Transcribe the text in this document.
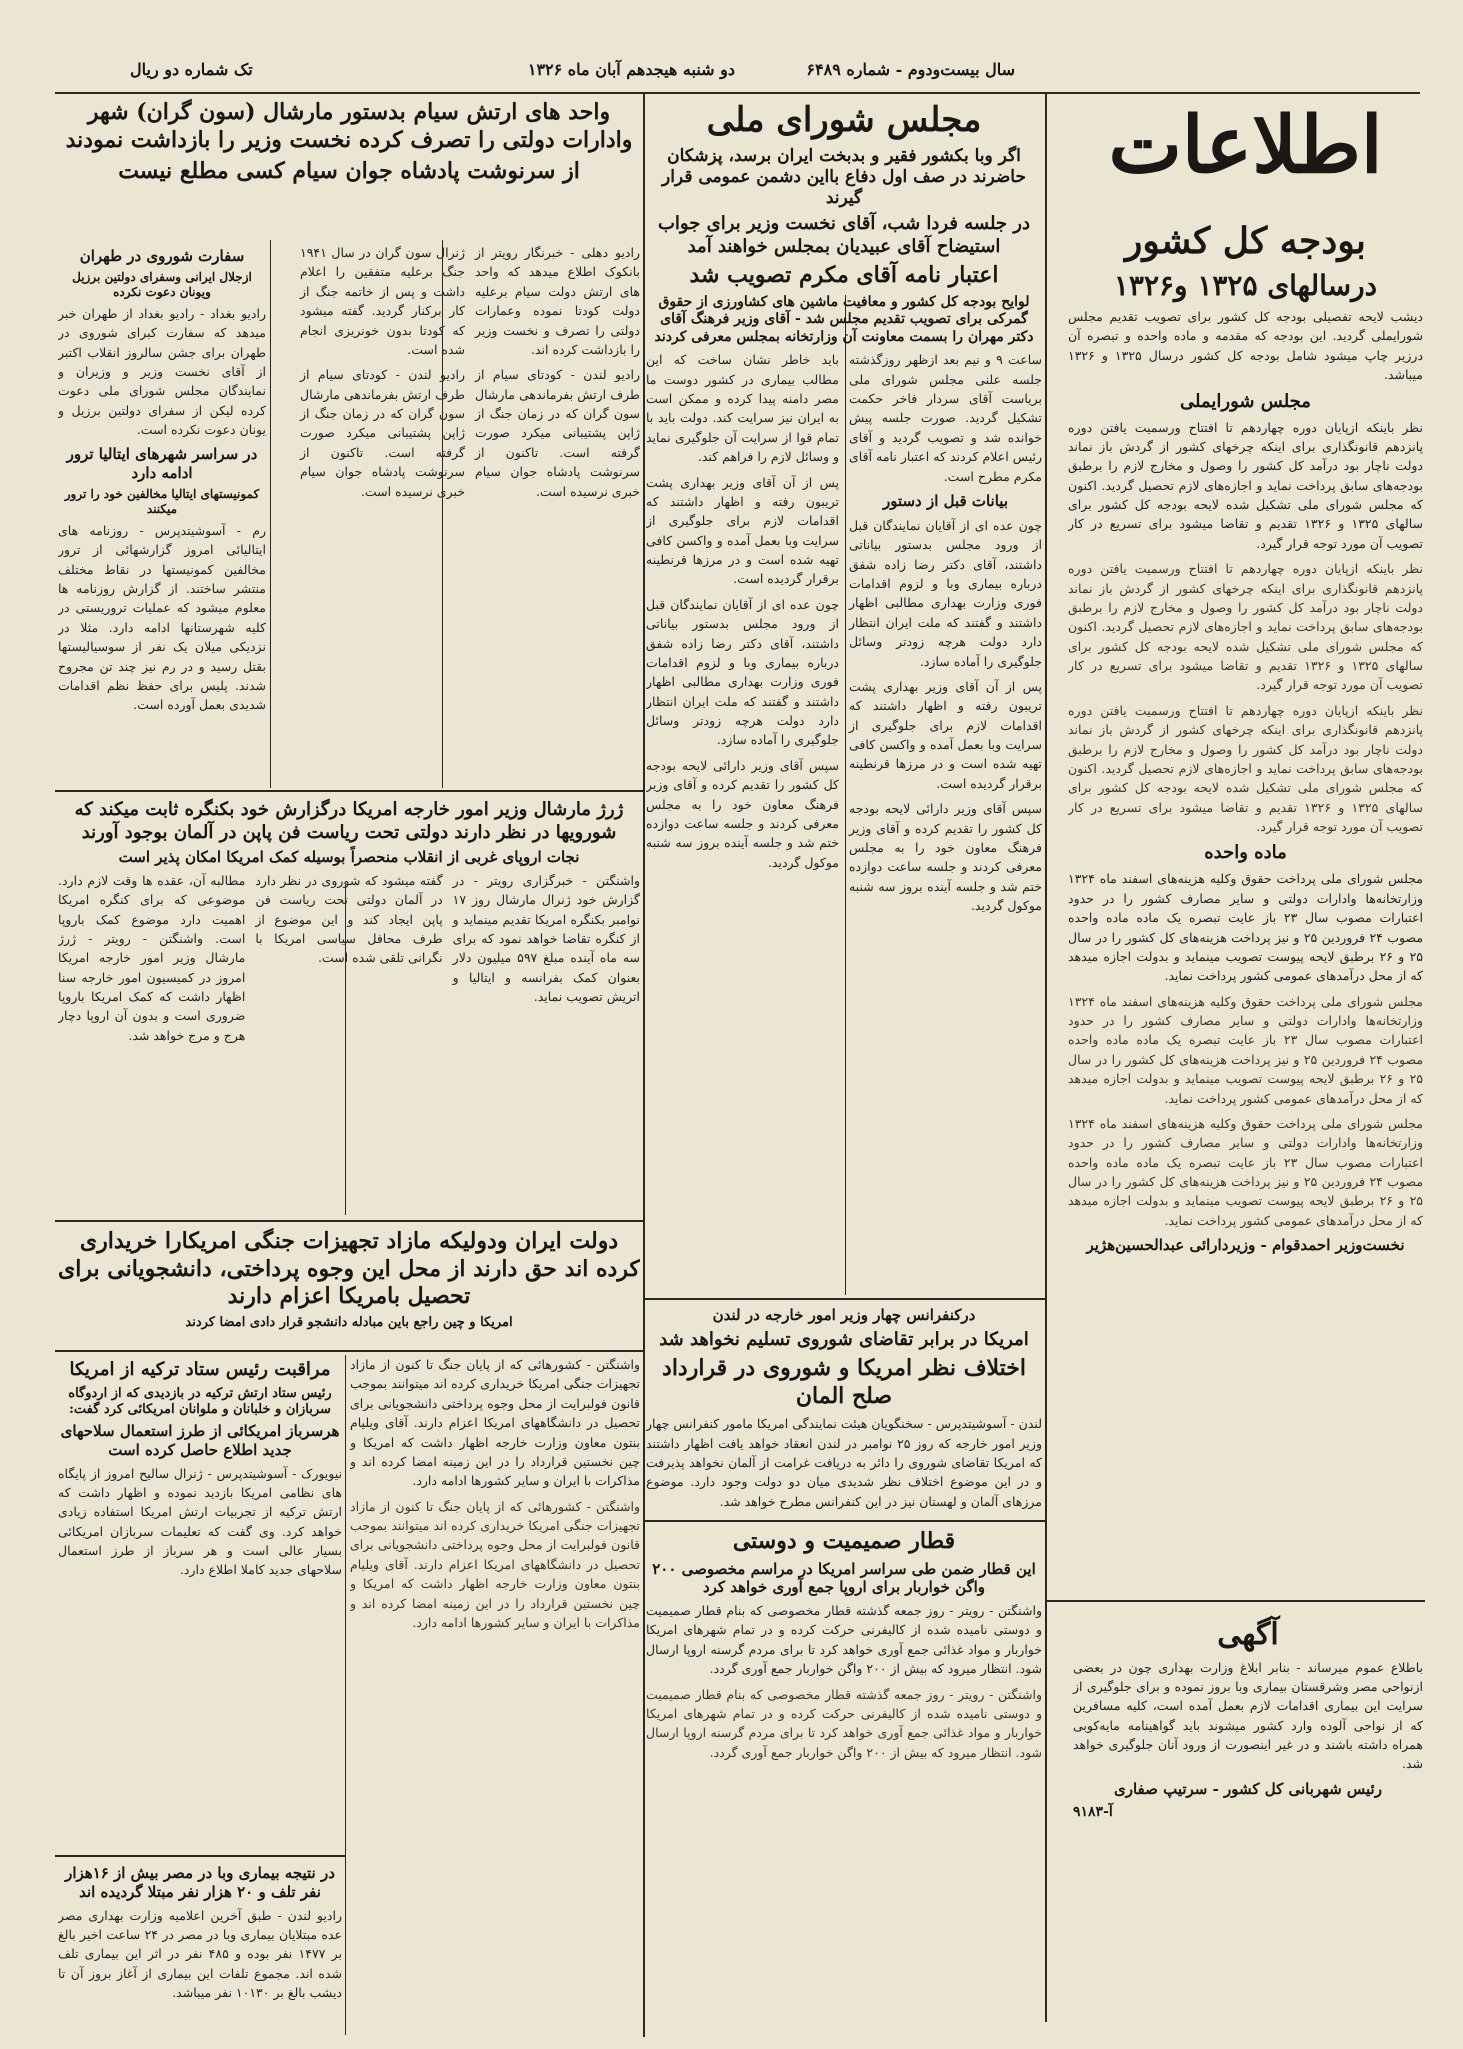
سال بیست‌ودوم - شماره ۶۴۸۹
دو شنبه هیجدهم آبان ماه ۱۳۲۶
تک شماره دو ریال
اطلاعات
بودجه کل کشور
درسالهای ۱۳۲۵ و۱۳۲۶

دیشب لایحه تفصیلی بودجه کل کشور برای تصویب تقدیم مجلس شورایملی گردید. این بودجه که مقدمه و ماده واحده و تبصره آن درزیر چاپ میشود شامل بودجه کل کشور درسال ۱۳۲۵ و ۱۳۲۶ میباشد.

مجلس شورایملی

نظر باینکه ازپایان دوره چهاردهم تا افتتاح ورسمیت یافتن دوره پانزدهم قانونگذاری برای اینکه چرخهای کشور از گردش باز نماند دولت ناچار بود درآمد کل کشور را وصول و مخارج لازم را برطبق بودجه‌های سابق پرداخت نماید و اجازه‌های لازم تحصیل گردید. اکنون که مجلس شورای ملی تشکیل شده لایحه بودجه کل کشور برای سالهای ۱۳۲۵ و ۱۳۲۶ تقدیم و تقاضا میشود برای تسریع در کار تصویب آن مورد توجه قرار گیرد.

نظر باینکه ازپایان دوره چهاردهم تا افتتاح ورسمیت یافتن دوره پانزدهم قانونگذاری برای اینکه چرخهای کشور از گردش باز نماند دولت ناچار بود درآمد کل کشور را وصول و مخارج لازم را برطبق بودجه‌های سابق پرداخت نماید و اجازه‌های لازم تحصیل گردید. اکنون که مجلس شورای ملی تشکیل شده لایحه بودجه کل کشور برای سالهای ۱۳۲۵ و ۱۳۲۶ تقدیم و تقاضا میشود برای تسریع در کار تصویب آن مورد توجه قرار گیرد.

نظر باینکه ازپایان دوره چهاردهم تا افتتاح ورسمیت یافتن دوره پانزدهم قانونگذاری برای اینکه چرخهای کشور از گردش باز نماند دولت ناچار بود درآمد کل کشور را وصول و مخارج لازم را برطبق بودجه‌های سابق پرداخت نماید و اجازه‌های لازم تحصیل گردید. اکنون که مجلس شورای ملی تشکیل شده لایحه بودجه کل کشور برای سالهای ۱۳۲۵ و ۱۳۲۶ تقدیم و تقاضا میشود برای تسریع در کار تصویب آن مورد توجه قرار گیرد.

ماده واحده

مجلس شورای ملی پرداخت حقوق وکلیه هزینه‌های اسفند ماه ۱۳۲۴ وزارتخانه‌ها وادارات دولتی و سایر مصارف کشور را در حدود اعتبارات مصوب سال ۲۳ باز عایت تبصره یک ماده ماده واحده مصوب ۲۴ فروردین ۲۵ و نیز پرداخت هزینه‌های کل کشور را در سال ۲۵ و ۲۶ برطبق لایحه پیوست تصویب مینماید و بدولت اجازه میدهد که از محل درآمدهای عمومی کشور پرداخت نماید.

مجلس شورای ملی پرداخت حقوق وکلیه هزینه‌های اسفند ماه ۱۳۲۴ وزارتخانه‌ها وادارات دولتی و سایر مصارف کشور را در حدود اعتبارات مصوب سال ۲۳ باز عایت تبصره یک ماده ماده واحده مصوب ۲۴ فروردین ۲۵ و نیز پرداخت هزینه‌های کل کشور را در سال ۲۵ و ۲۶ برطبق لایحه پیوست تصویب مینماید و بدولت اجازه میدهد که از محل درآمدهای عمومی کشور پرداخت نماید.

مجلس شورای ملی پرداخت حقوق وکلیه هزینه‌های اسفند ماه ۱۳۲۴ وزارتخانه‌ها وادارات دولتی و سایر مصارف کشور را در حدود اعتبارات مصوب سال ۲۳ باز عایت تبصره یک ماده ماده واحده مصوب ۲۴ فروردین ۲۵ و نیز پرداخت هزینه‌های کل کشور را در سال ۲۵ و ۲۶ برطبق لایحه پیوست تصویب مینماید و بدولت اجازه میدهد که از محل درآمدهای عمومی کشور پرداخت نماید.

نخست‌وزیر احمدقوام - وزیردارائی عبدالحسین‌هژیر
آگهی

باطلاع عموم میرساند - بنابر ابلاغ وزارت بهداری چون در بعضی ازنواحی مصر وشرقستان بیماری وبا بروز نموده و برای جلوگیری از سرایت این بیماری اقدامات لازم بعمل آمده است، کلیه مسافرین که از نواحی آلوده وارد کشور میشوند باید گواهینامه مایه‌کوبی همراه داشته باشند و در غیر اینصورت از ورود آنان جلوگیری خواهد شد.

رئیس شهربانی کل کشور - سرتیپ صفاری
آ-۹۱۸۳
مجلس شورای ملی
اگر وبا بکشور فقیر و بدبخت ایران برسد، پزشکان حاضرند در صف اول دفاع بااین دشمن عمومی قرار گیرند
در جلسه فردا شب، آقای نخست وزیر برای جواب استیضاح آقای عبیدیان بمجلس خواهند آمد
اعتبار نامه آقای مکرم تصویب شد
لوایح بودجه کل کشور و معافیت ماشین های کشاورزی از حقوق گمرکی برای تصویب تقدیم مجلس شد - آقای وزیر فرهنگ آقای دکتر مهران را بسمت معاونت آن وزارتخانه بمجلس معرفی کردند

ساعت ۹ و نیم بعد ازظهر روزگذشته جلسه علنی مجلس شورای ملی بریاست آقای سردار فاخر حکمت تشکیل گردید. صورت جلسه پیش خوانده شد و تصویب گردید و آقای رئیس اعلام کردند که اعتبار نامه آقای مکرم مطرح است.

بیانات قبل از دستور

چون عده ای از آقایان نمایندگان قبل از ورود مجلس بدستور بیاناتی داشتند، آقای دکتر رضا زاده شفق درباره بیماری وبا و لزوم اقدامات فوری وزارت بهداری مطالبی اظهار داشتند و گفتند که ملت ایران انتظار دارد دولت هرچه زودتر وسائل جلوگیری را آماده سازد.

پس از آن آقای وزیر بهداری پشت تریبون رفته و اظهار داشتند که اقدامات لازم برای جلوگیری از سرایت وبا بعمل آمده و واکسن کافی تهیه شده است و در مرزها قرنطینه برقرار گردیده است.

سپس آقای وزیر دارائی لایحه بودجه کل کشور را تقدیم کرده و آقای وزیر فرهنگ معاون خود را به مجلس معرفی کردند و جلسه ساعت دوازده ختم شد و جلسه آینده بروز سه شنبه موکول گردید.

باید خاطر نشان ساخت که این مطالب بیماری در کشور دوست ما مصر دامنه پیدا کرده و ممکن است به ایران نیز سرایت کند. دولت باید با تمام قوا از سرایت آن جلوگیری نماید و وسائل لازم را فراهم کند.

پس از آن آقای وزیر بهداری پشت تریبون رفته و اظهار داشتند که اقدامات لازم برای جلوگیری از سرایت وبا بعمل آمده و واکسن کافی تهیه شده است و در مرزها قرنطینه برقرار گردیده است.

چون عده ای از آقایان نمایندگان قبل از ورود مجلس بدستور بیاناتی داشتند، آقای دکتر رضا زاده شفق درباره بیماری وبا و لزوم اقدامات فوری وزارت بهداری مطالبی اظهار داشتند و گفتند که ملت ایران انتظار دارد دولت هرچه زودتر وسائل جلوگیری را آماده سازد.

سپس آقای وزیر دارائی لایحه بودجه کل کشور را تقدیم کرده و آقای وزیر فرهنگ معاون خود را به مجلس معرفی کردند و جلسه ساعت دوازده ختم شد و جلسه آینده بروز سه شنبه موکول گردید.

درکنفرانس چهار وزیر امور خارجه در لندن
امریکا در برابر تقاضای شوروی تسلیم نخواهد شد
اختلاف نظر امریکا و شوروی در قرارداد صلح المان

لندن - آسوشیتدپرس - سخنگویان هیئت نمایندگی امریکا مامور کنفرانس چهار وزیر امور خارجه که روز ۲۵ نوامبر در لندن انعقاد خواهد یافت اظهار داشتند که امریکا تقاضای شوروی را دائر به دریافت غرامت از آلمان نخواهد پذیرفت و در این موضوع اختلاف نظر شدیدی میان دو دولت وجود دارد. موضوع مرزهای آلمان و لهستان نیز در این کنفرانس مطرح خواهد شد.

قطار صمیمیت و دوستی
این قطار ضمن طی سراسر امریکا در مراسم مخصوصی ۲۰۰ واگن خواربار برای اروپا جمع آوری خواهد کرد

واشنگتن - رویتر - روز جمعه گذشته قطار مخصوصی که بنام قطار صمیمیت و دوستی نامیده شده از کالیفرنی حرکت کرده و در تمام شهرهای امریکا خواربار و مواد غذائی جمع آوری خواهد کرد تا برای مردم گرسنه اروپا ارسال شود. انتظار میرود که بیش از ۲۰۰ واگن خواربار جمع آوری گردد.

واشنگتن - رویتر - روز جمعه گذشته قطار مخصوصی که بنام قطار صمیمیت و دوستی نامیده شده از کالیفرنی حرکت کرده و در تمام شهرهای امریکا خواربار و مواد غذائی جمع آوری خواهد کرد تا برای مردم گرسنه اروپا ارسال شود. انتظار میرود که بیش از ۲۰۰ واگن خواربار جمع آوری گردد.

واحد های ارتش سیام بدستور مارشال (سون گران) شهر وادارات دولتی را تصرف کرده نخست وزیر را بازداشت نمودند
از سرنوشت پادشاه جوان سیام کسی مطلع نیست

رادیو دهلی - خبرنگار رویتر از بانکوک اطلاع میدهد که واحد های ارتش دولت سیام برعلیه دولت کودتا نموده وعمارات دولتی را تصرف و نخست وزیر را بازداشت کرده اند.

رادیو لندن - کودتای سیام از طرف ارتش بفرماندهی مارشال سون گران که در زمان جنگ از ژاپن پشتیبانی میکرد صورت گرفته است. تاکنون از سرنوشت پادشاه جوان سیام خبری نرسیده است.

ژنرال سون گران در سال ۱۹۴۱ جنگ برعلیه متفقین را اعلام داشت و پس از خاتمه جنگ از کار برکنار گردید. گفته میشود که کودتا بدون خونریزی انجام شده است.

رادیو لندن - کودتای سیام از طرف ارتش بفرماندهی مارشال سون گران که در زمان جنگ از ژاپن پشتیبانی میکرد صورت گرفته است. تاکنون از سرنوشت پادشاه جوان سیام خبری نرسیده است.

سفارت شوروی در طهران
ازجلال ایرانی وسفرای دولتین برزیل ویونان دعوت نکرده

رادیو بغداد - رادیو بغداد از طهران خبر میدهد که سفارت کبرای شوروی در طهران برای جشن سالروز انقلاب اکتبر از آقای نخست وزیر و وزیران و نمایندگان مجلس شورای ملی دعوت کرده لیکن از سفرای دولتین برزیل و یونان دعوت نکرده است.

در سراسر شهرهای ایتالیا ترور ادامه دارد
کمونیستهای ایتالیا مخالفین خود را ترور میکنند

رم - آسوشیتدپرس - روزنامه های ایتالیائی امروز گزارشهائی از ترور مخالفین کمونیستها در نقاط مختلف منتشر ساختند. از گزارش روزنامه ها معلوم میشود که عملیات تروریستی در کلیه شهرستانها ادامه دارد. مثلا در نزدیکی میلان یک نفر از سوسیالیستها بقتل رسید و در رم نیز چند تن مجروح شدند. پلیس برای حفظ نظم اقدامات شدیدی بعمل آورده است.

ژرژ مارشال وزیر امور خارجه امریکا درگزارش خود بکنگره ثابت میکند که شورویها در نظر دارند دولتی تحت ریاست فن پاپن در آلمان بوجود آورند
نجات اروپای غربی از انقلاب منحصراً بوسیله کمک امریکا امکان پذیر است

واشنگتن - خبرگزاری رویتر - در گزارش خود ژنرال مارشال روز ۱۷ نوامبر بکنگره امریکا تقدیم مینماید و از کنگره تقاضا خواهد نمود که برای سه ماه آینده مبلغ ۵۹۷ میلیون دلار بعنوان کمک بفرانسه و ایتالیا و اتریش تصویب نماید.

گفته میشود که شوروی در نظر دارد در آلمان دولتی تحت ریاست فن پاپن ایجاد کند و این موضوع از طرف محافل سیاسی امریکا با نگرانی تلقی شده است.

مطالبه آن، عقده ها وقت لازم دارد. موضوعی که برای کنگره امریکا اهمیت دارد موضوع کمک باروپا است. واشنگتن - رویتر - ژرژ مارشال وزیر امور خارجه امریکا امروز در کمیسیون امور خارجه سنا اظهار داشت که کمک امریکا باروپا ضروری است و بدون آن اروپا دچار هرج و مرج خواهد شد.

دولت ایران ودولیکه مازاد تجهیزات جنگی امریکارا خریداری کرده اند حق دارند از محل این وجوه پرداختی، دانشجویانی برای تحصیل بامریکا اعزام دارند
امریکا و چین راجع باین مبادله دانشجو قرار دادی امضا کردند

واشنگتن - کشورهائی که از پایان جنگ تا کنون از مازاد تجهیزات جنگی امریکا خریداری کرده اند میتوانند بموجب قانون فولبرایت از محل وجوه پرداختی دانشجویانی برای تحصیل در دانشگاههای امریکا اعزام دارند. آقای ویلیام بنتون معاون وزارت خارجه اظهار داشت که امریکا و چین نخستین قرارداد را در این زمینه امضا کرده اند و مذاکرات با ایران و سایر کشورها ادامه دارد.

واشنگتن - کشورهائی که از پایان جنگ تا کنون از مازاد تجهیزات جنگی امریکا خریداری کرده اند میتوانند بموجب قانون فولبرایت از محل وجوه پرداختی دانشجویانی برای تحصیل در دانشگاههای امریکا اعزام دارند. آقای ویلیام بنتون معاون وزارت خارجه اظهار داشت که امریکا و چین نخستین قرارداد را در این زمینه امضا کرده اند و مذاکرات با ایران و سایر کشورها ادامه دارد.

مراقبت رئیس ستاد ترکیه از امریکا
رئیس ستاد ارتش ترکیه در بازدیدی که از اردوگاه سربازان و خلبانان و ملوانان امریکائی کرد گفت:
هرسرباز امریکائی از طرز استعمال سلاحهای جدید اطلاع حاصل کرده است

نیویورک - آسوشیتدپرس - ژنرال سالیح امروز از پایگاه های نظامی امریکا بازدید نموده و اظهار داشت که ارتش ترکیه از تجربیات ارتش امریکا استفاده زیادی خواهد کرد. وی گفت که تعلیمات سربازان امریکائی بسیار عالی است و هر سرباز از طرز استعمال سلاحهای جدید کاملا اطلاع دارد.

در نتیجه بیماری وبا در مصر بیش از ۱۶هزار نفر تلف و ۲۰ هزار نفر مبتلا گردیده اند

رادیو لندن - طبق آخرین اعلامیه وزارت بهداری مصر عده مبتلایان بیماری وبا در مصر در ۲۴ ساعت اخیر بالغ بر ۱۴۷۷ نفر بوده و ۴۸۵ نفر در اثر این بیماری تلف شده اند. مجموع تلفات این بیماری از آغاز بروز آن تا دیشب بالغ بر ۱۰۱۳۰ نفر میباشد.
